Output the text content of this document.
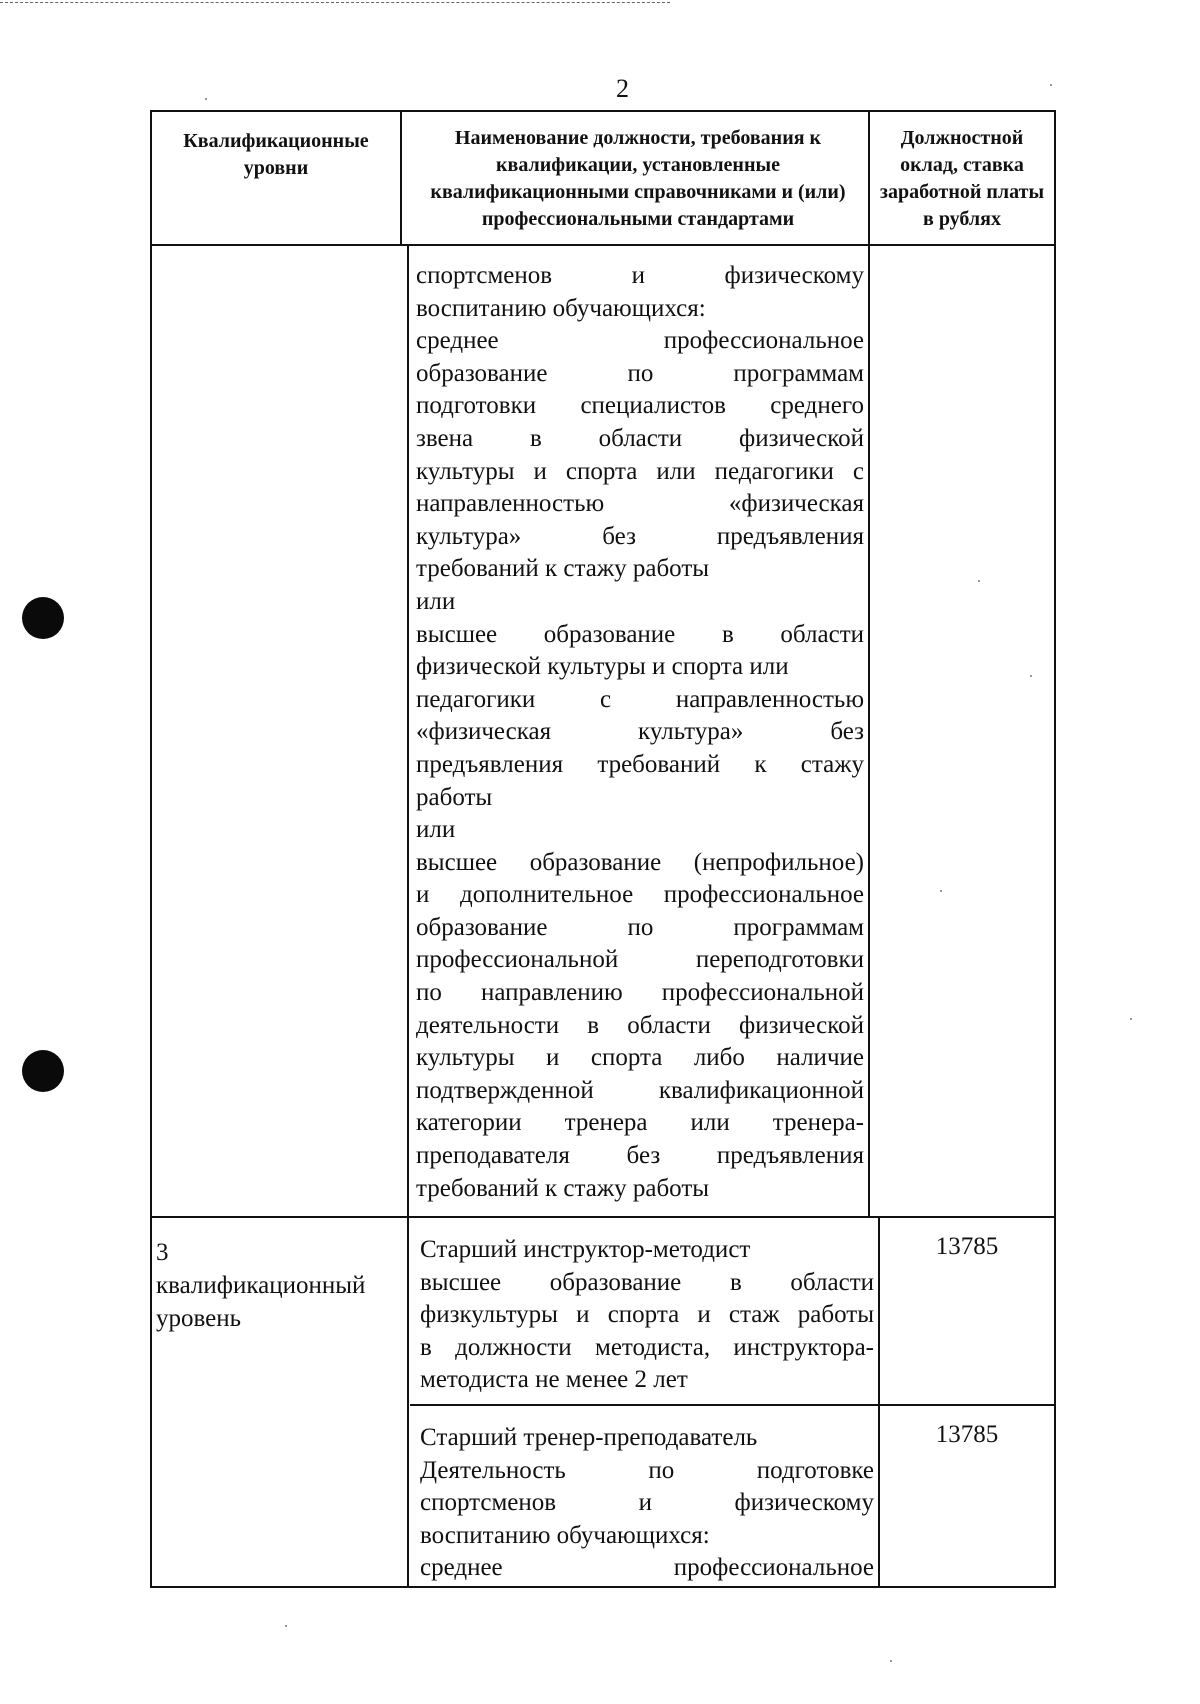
2
Квалификационные уровни
Наименование должности, требования к квалификации, установленные квалификационными справочниками и (или) профессиональными стандартами
Должностной оклад, ставка заработной платы в рублях
спортсменов и физическому
воспитанию обучающихся:
среднее профессиональное
образование по программам
подготовки специалистов среднего
звена в области физической
культуры и спорта или педагогики с
направленностью «физическая
культура» без предъявления
требований к стажу работы
или
высшее образование в области
физической культуры и спорта или
педагогики с направленностью
«физическая культура» без
предъявления требований к стажу
работы
или
высшее образование (непрофильное)
и дополнительное профессиональное
образование по программам
профессиональной переподготовки
по направлению профессиональной
деятельности в области физической
культуры и спорта либо наличие
подтвержденной квалификационной
категории тренера или тренера-
преподавателя без предъявления
требований к стажу работы
3
квалификационный
уровень
Старший инструктор-методист
высшее образование в области
физкультуры и спорта и стаж работы
в должности методиста, инструктора-
методиста не менее 2 лет
13785
Старший тренер-преподаватель
Деятельность по подготовке
спортсменов и физическому
воспитанию обучающихся:
среднее профессиональное
13785
